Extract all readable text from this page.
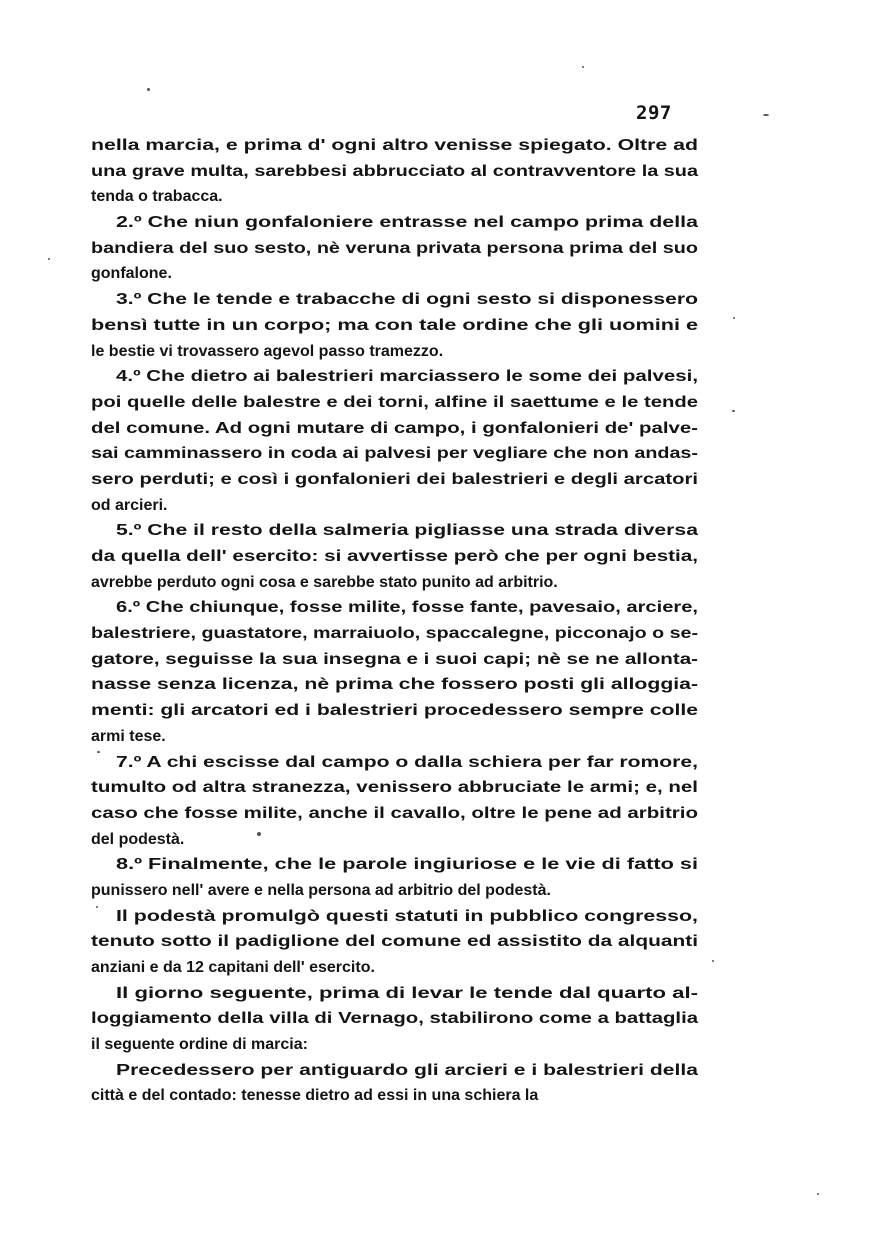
297
nella marcia, e prima d' ogni altro venisse spiegato. Oltre ad
una grave multa, sarebbesi abbrucciato al contravventore la sua
tenda o trabacca.
2.º Che niun gonfaloniere entrasse nel campo prima della
bandiera del suo sesto, nè veruna privata persona prima del suo
gonfalone.
3.º Che le tende e trabacche di ogni sesto si disponessero
bensì tutte in un corpo; ma con tale ordine che gli uomini e
le bestie vi trovassero agevol passo tramezzo.
4.º Che dietro ai balestrieri marciassero le some dei palvesi,
poi quelle delle balestre e dei torni, alfine il saettume e le tende
del comune. Ad ogni mutare di campo, i gonfalonieri de' palve-
sai camminassero in coda ai palvesi per vegliare che non andas-
sero perduti; e così i gonfalonieri dei balestrieri e degli arcatori
od arcieri.
5.º Che il resto della salmeria pigliasse una strada diversa
da quella dell' esercito: si avvertisse però che per ogni bestia,
avrebbe perduto ogni cosa e sarebbe stato punito ad arbitrio.
6.º Che chiunque, fosse milite, fosse fante, pavesaio, arciere,
balestriere, guastatore, marraiuolo, spaccalegne, picconajo o se-
gatore, seguisse la sua insegna e i suoi capi; nè se ne allonta-
nasse senza licenza, nè prima che fossero posti gli alloggia-
menti: gli arcatori ed i balestrieri procedessero sempre colle
armi tese.
7.º A chi escisse dal campo o dalla schiera per far romore,
tumulto od altra stranezza, venissero abbruciate le armi; e, nel
caso che fosse milite, anche il cavallo, oltre le pene ad arbitrio
del podestà.
8.º Finalmente, che le parole ingiuriose e le vie di fatto si
punissero nell' avere e nella persona ad arbitrio del podestà.
Il podestà promulgò questi statuti in pubblico congresso,
tenuto sotto il padiglione del comune ed assistito da alquanti
anziani e da 12 capitani dell' esercito.
Il giorno seguente, prima di levar le tende dal quarto al-
loggiamento della villa di Vernago, stabilirono come a battaglia
il seguente ordine di marcia:
Precedessero per antiguardo gli arcieri e i balestrieri della
città e del contado: tenesse dietro ad essi in una schiera la
